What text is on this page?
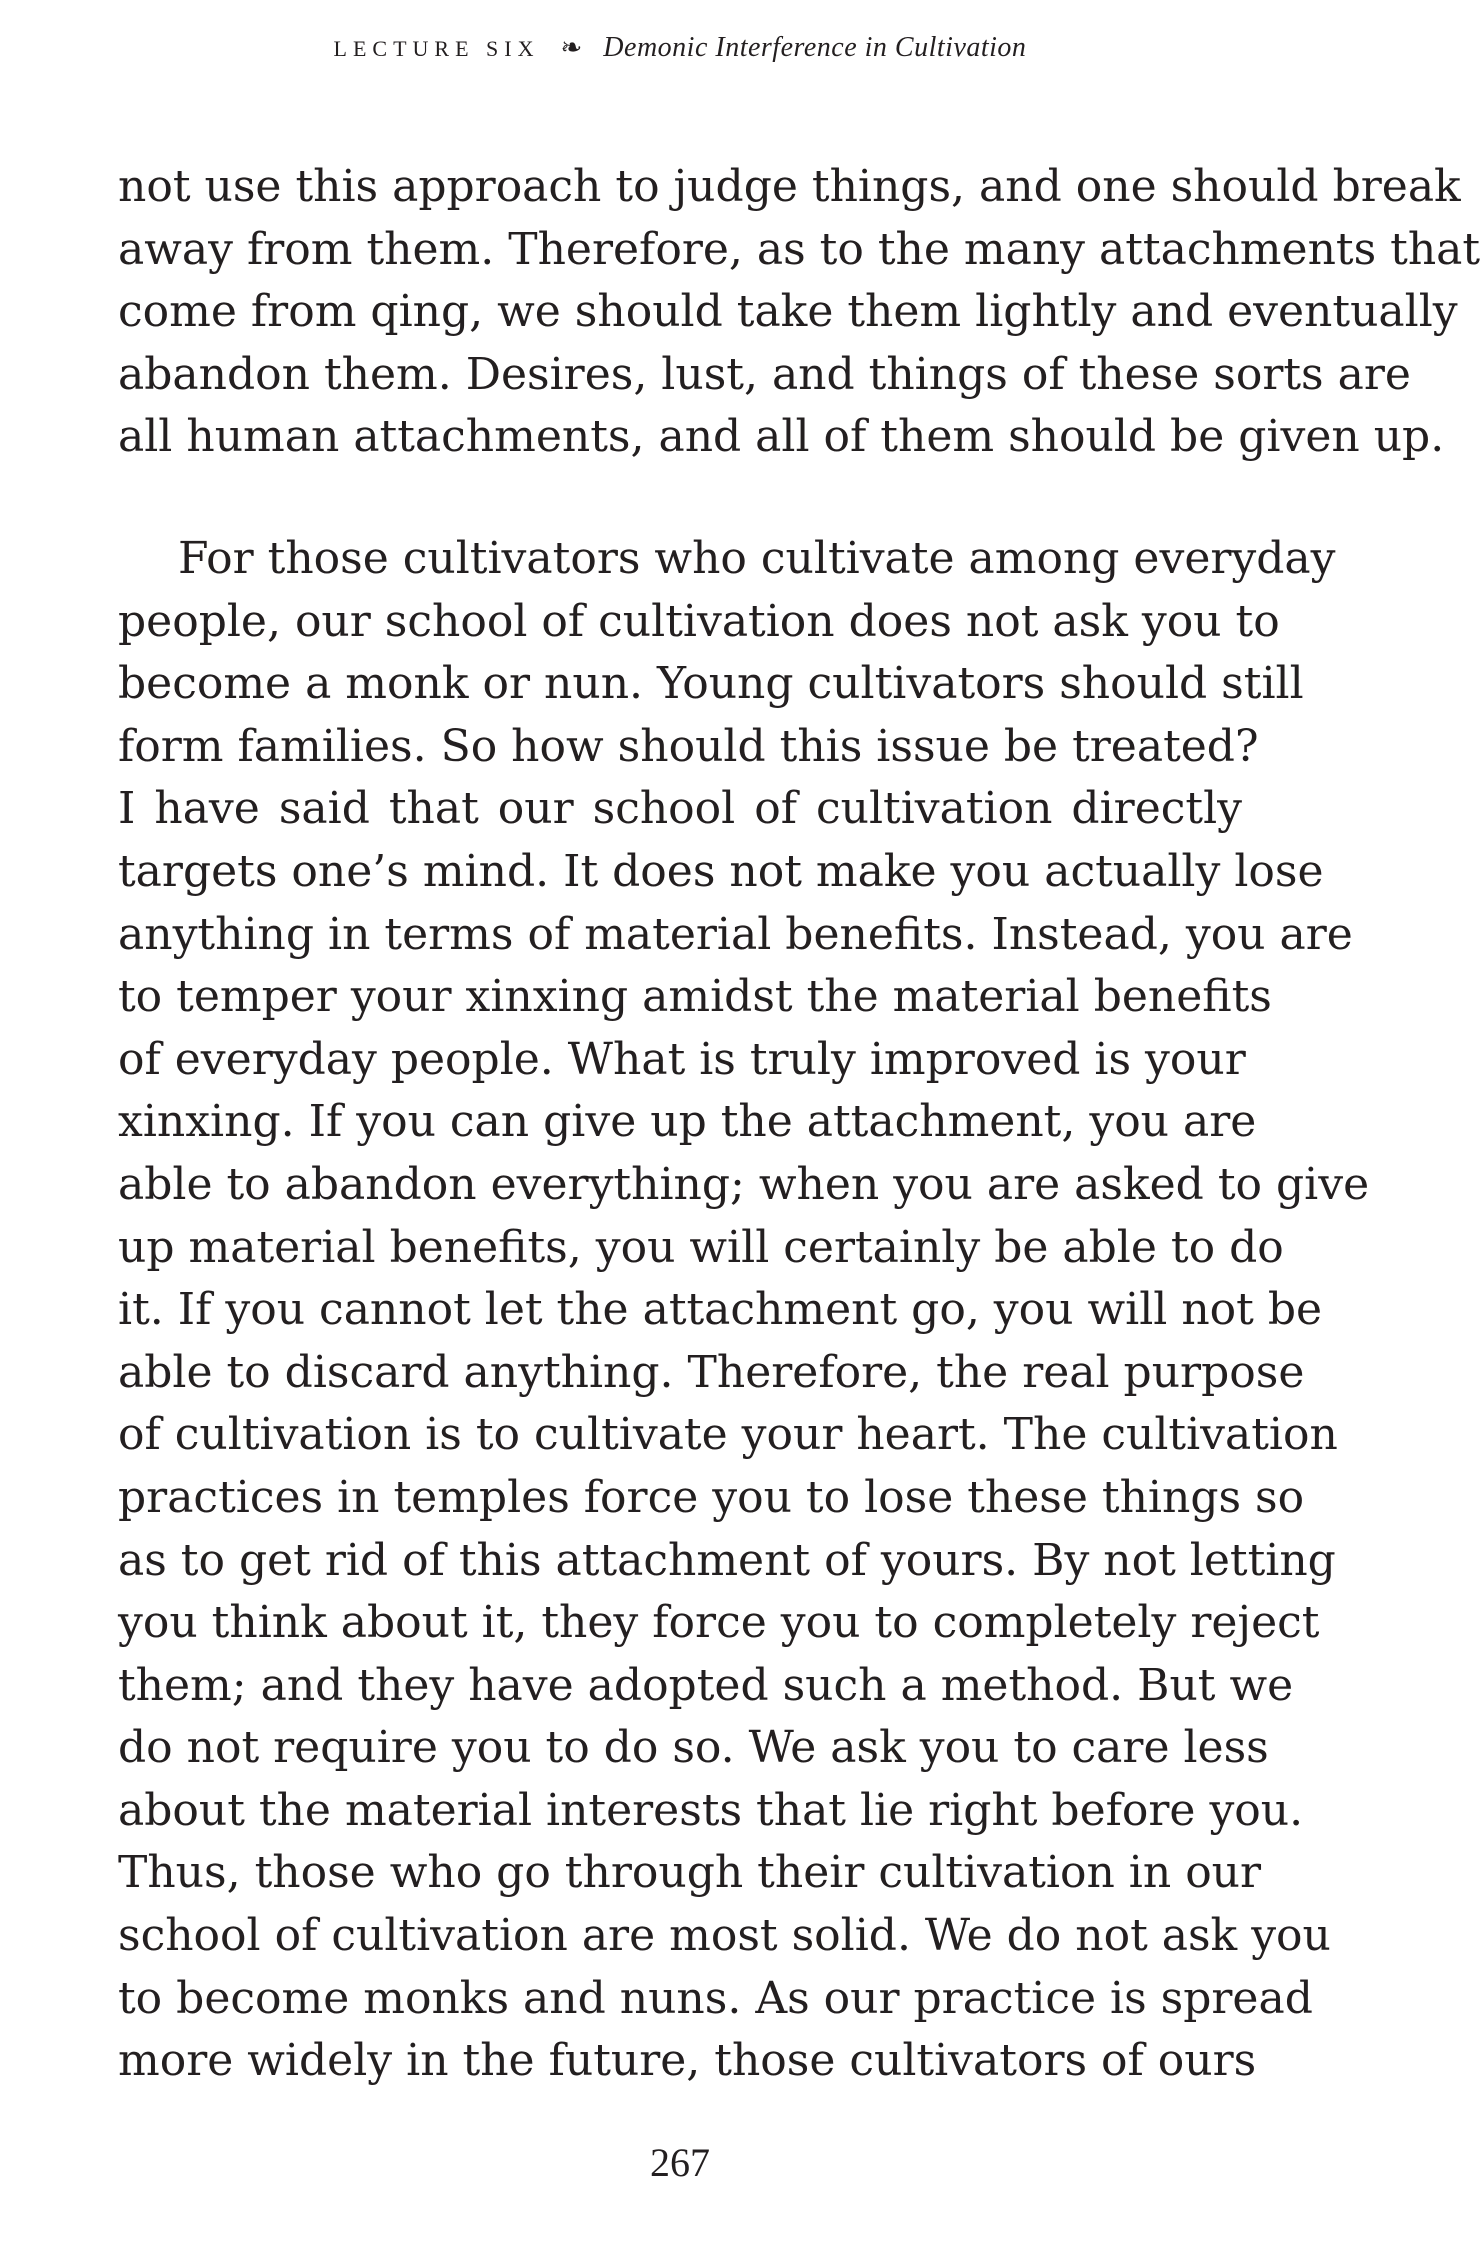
LECTURE SIX ❧ Demonic Interference in Cultivation
not use this approach to judge things, and one should break
away from them. Therefore, as to the many attachments that
come from qing, we should take them lightly and eventually
abandon them. Desires, lust, and things of these sorts are
all human attachments, and all of them should be given up.
For those cultivators who cultivate among everyday
people, our school of cultivation does not ask you to
become a monk or nun. Young cultivators should still
form families. So how should this issue be treated?
I have said that our school of cultivation directly
targets one’s mind. It does not make you actually lose
anything in terms of material benefits. Instead, you are
to temper your xinxing amidst the material benefits
of everyday people. What is truly improved is your
xinxing. If you can give up the attachment, you are
able to abandon everything; when you are asked to give
up material benefits, you will certainly be able to do
it. If you cannot let the attachment go, you will not be
able to discard anything. Therefore, the real purpose
of cultivation is to cultivate your heart. The cultivation
practices in temples force you to lose these things so
as to get rid of this attachment of yours. By not letting
you think about it, they force you to completely reject
them; and they have adopted such a method. But we
do not require you to do so. We ask you to care less
about the material interests that lie right before you.
Thus, those who go through their cultivation in our
school of cultivation are most solid. We do not ask you
to become monks and nuns. As our practice is spread
more widely in the future, those cultivators of ours
267
